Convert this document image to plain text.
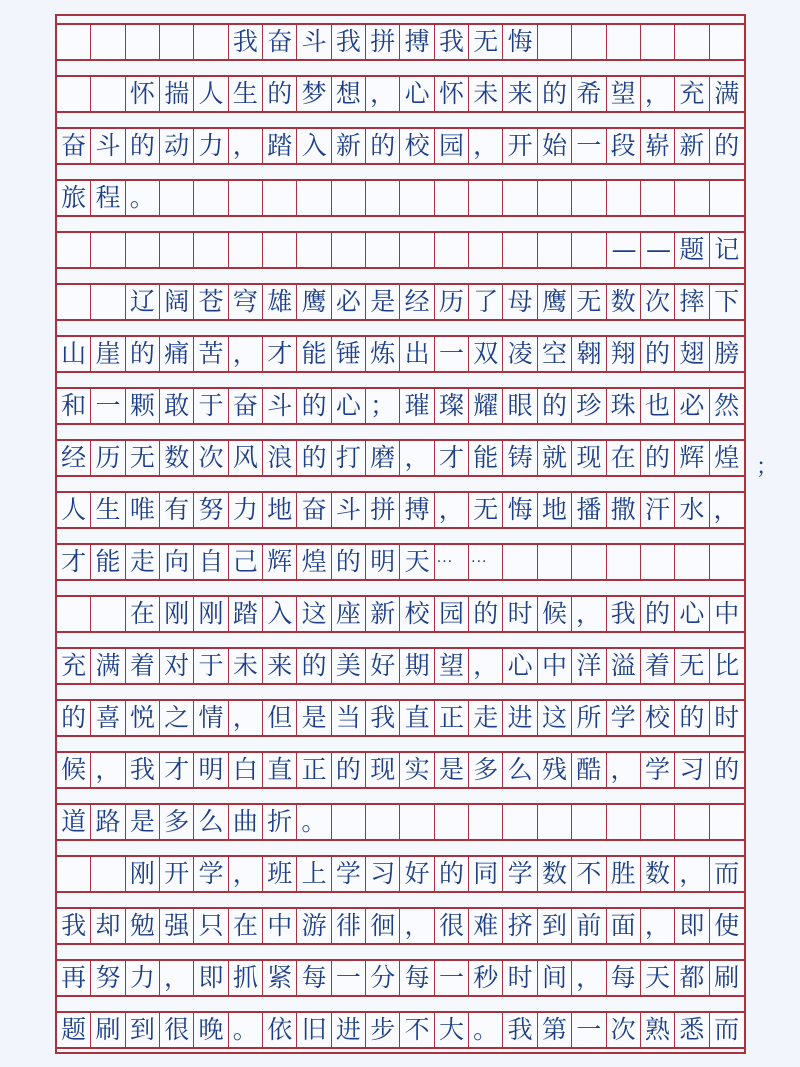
我 奋 斗 我 拼 搏 我 无 悔
怀 揣 人 生 的 梦 想 ， 心 怀 未 来 的 希 望 ， 充 满
奋 斗 的 动 力 ， 踏 入 新 的 校 园 ， 开 始 一 段 崭 新 的
旅 程 。
— — 题 记
辽 阔 苍 穹 雄 鹰 必 是 经 历 了 母 鹰 无 数 次 摔 下
山 崖 的 痛 苦 ， 才 能 锤 炼 出 一 双 凌 空 翱 翔 的 翅 膀
和 一 颗 敢 于 奋 斗 的 心 ； 璀 璨 耀 眼 的 珍 珠 也 必 然
经 历 无 数 次 风 浪 的 打 磨 ， 才 能 铸 就 现 在 的 辉 煌
人 生 唯 有 努 力 地 奋 斗 拼 搏 ， 无 悔 地 播 撒 汗 水 ，
才 能 走 向 自 己 辉 煌 的 明 天 ···	···
在 刚 刚 踏 入 这 座 新 校 园 的 时 候 ， 我 的 心 中
充 满 着 对 于 未 来 的 美 好 期 望 ， 心 中 洋 溢 着 无 比
的 喜 悦 之 情 ， 但 是 当 我 直 正 走 进 这 所 学 校 的 时
候 ， 我 才 明 白 直 正 的 现 实 是 多 么 残 酷 ， 学 习 的
道 路 是 多 么 曲 折 。
刚 开 学 ， 班 上 学 习 好 的 同 学 数 不 胜 数 ， 而
我 却 勉 强 只 在 中 游 徘 徊 ， 很 难 挤 到 前 面 ， 即 使
再 努 力 ， 即 抓 紧 每 一 分 每 一 秒 时 间 ， 每 天 都 刷
题 刷 到 很 晚 。 依 旧 进 步 不 大 。 我 第 一 次 熟 悉 而
；
